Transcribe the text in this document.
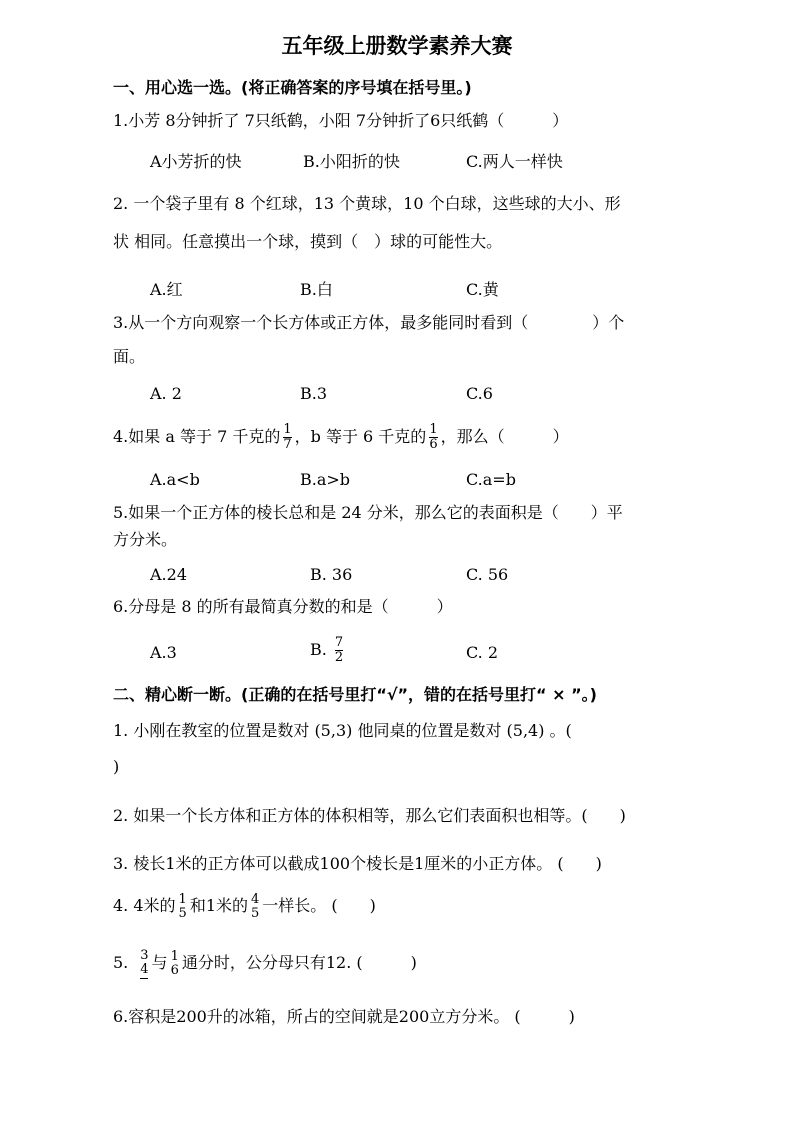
五年级上册数学素养大赛
一、用心选一选。(将正确答案的序号填在括号里。)
1.小芳 8分钟折了 7只纸鹤，小阳 7分钟折了6只纸鹤（　　　）
A小芳折的快	B.小阳折的快	C.两人一样快
2. 一个袋子里有 8 个红球，13 个黄球，10 个白球，这些球的大小、形
状 相同。任意摸出一个球，摸到（　）球的可能性大。
A.红	B.白	C.黄
3.从一个方向观察一个长方体或正方体，最多能同时看到（　　　　）个
面。
A. 2	B.3	C.6
4.如果 a 等于 7 千克的 $\frac{1}{7}$ ，b 等于 6 千克的 $\frac{1}{6}$ ，那么（　　　）
A.a<b	B.a>b	C.a=b
5.如果一个正方体的棱长总和是 24 分米，那么它的表面积是（　　）平
方分米。
A.24	B. 36	C. 56
6.分母是 8 的所有最简真分数的和是（　　　）
A.3	B. $\frac{7}{2}$	C. 2
二、精心断一断。(正确的在括号里打“√”，错的在括号里打“ × ”。)
1. 小刚在教室的位置是数对 (5,3) 他同桌的位置是数对 (5,4) 。(
)
2. 如果一个长方体和正方体的体积相等，那么它们表面积也相等。(　　)
3. 棱长1米的正方体可以截成100个棱长是1厘米的小正方体。 (　　)
4. 4米的 1
5 和1米的 4
5 一样长。 (　　)
5. 3
4 与 1
6 通分时，公分母只有12. (　　　)
6.容积是200升的冰箱，所占的空间就是200立方分米。 (　　　)
